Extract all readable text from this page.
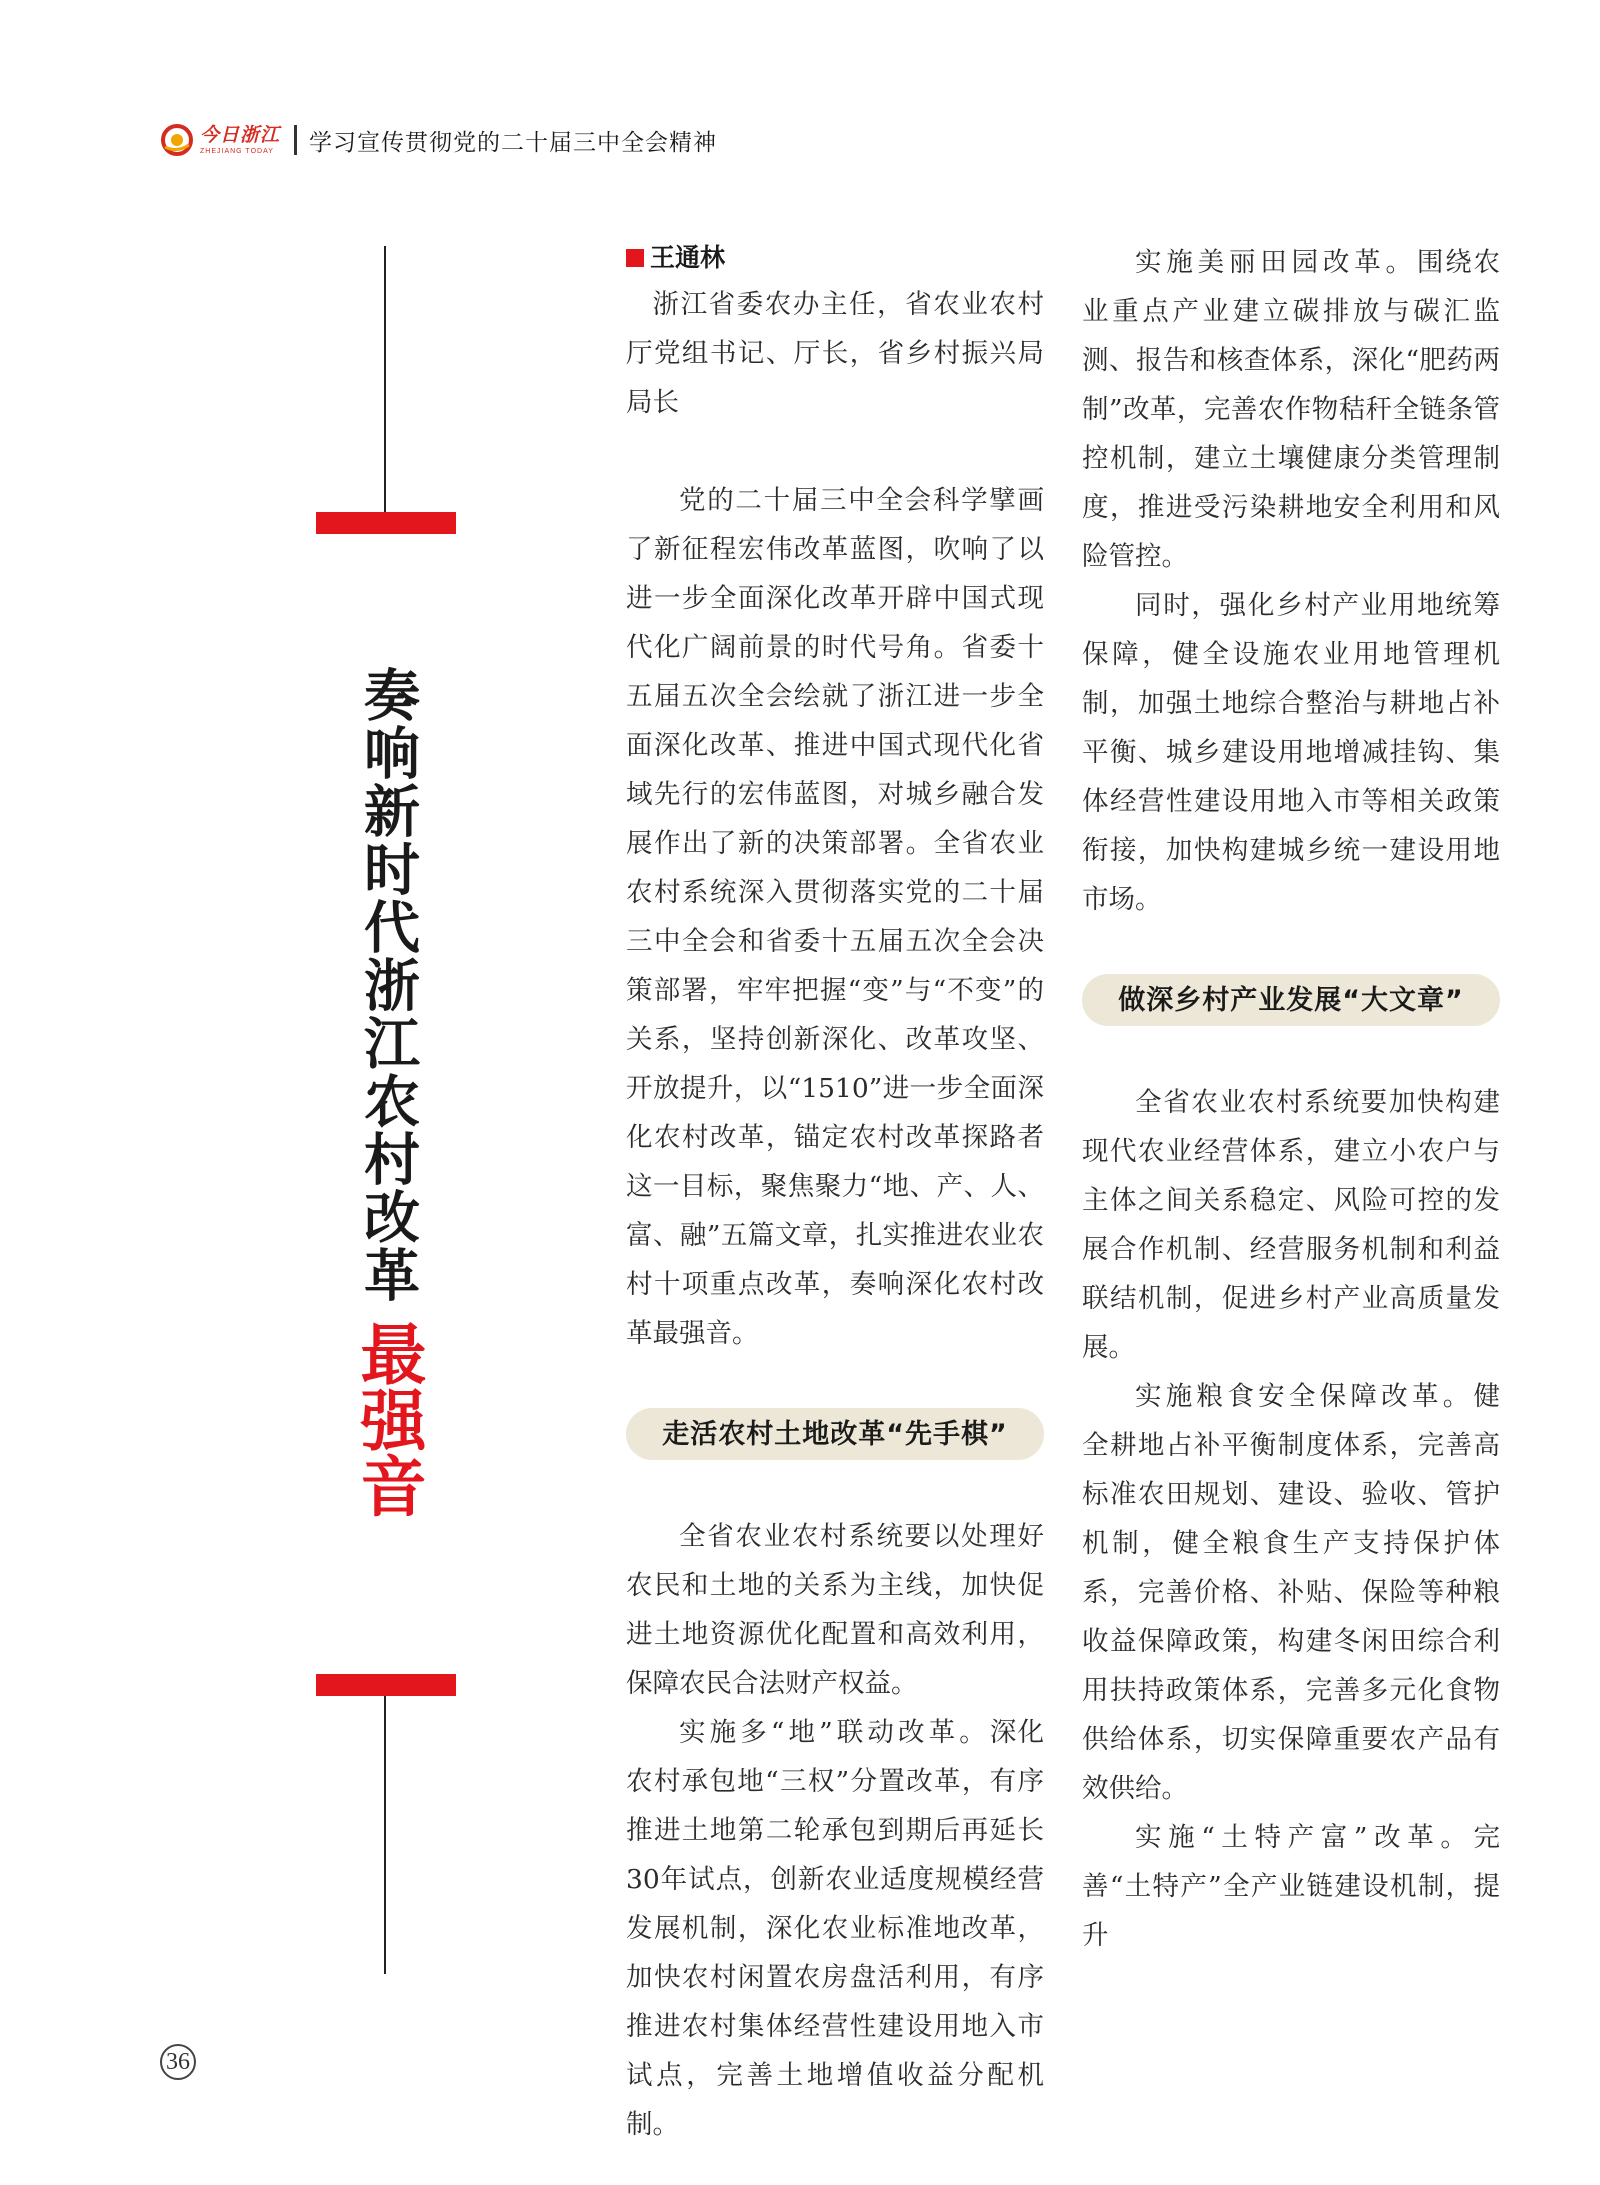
今日浙江
ZHEJIANG TODAY 学习宣传贯彻党的二十届三中全会精神
奏响新时代浙江农村改革
最强音
王通林

浙江省委农办主任，省农业农村厅党组书记、厅长，省乡村振兴局局长

党的二十届三中全会科学擘画了新征程宏伟改革蓝图，吹响了以进一步全面深化改革开辟中国式现代化广阔前景的时代号角。省委十五届五次全会绘就了浙江进一步全面深化改革、推进中国式现代化省域先行的宏伟蓝图，对城乡融合发展作出了新的决策部署。全省农业农村系统深入贯彻落实党的二十届三中全会和省委十五届五次全会决策部署，牢牢把握“变”与“不变”的关系，坚持创新深化、改革攻坚、开放提升，以“1510”进一步全面深化农村改革，锚定农村改革探路者这一目标，聚焦聚力“地、产、人、富、融”五篇文章，扎实推进农业农村十项重点改革，奏响深化农村改革最强音。

走活农村土地改革“先手棋”

全省农业农村系统要以处理好农民和土地的关系为主线，加快促进土地资源优化配置和高效利用，保障农民合法财产权益。

实施多“地”联动改革。深化农村承包地“三权”分置改革，有序推进土地第二轮承包到期后再延长30年试点，创新农业适度规模经营发展机制，深化农业标准地改革，加快农村闲置农房盘活利用，有序推进农村集体经营性建设用地入市试点，完善土地增值收益分配机制。

实施美丽田园改革。围绕农业重点产业建立碳排放与碳汇监测、报告和核查体系，深化“肥药两制”改革，完善农作物秸秆全链条管控机制，建立土壤健康分类管理制度，推进受污染耕地安全利用和风险管控。

同时，强化乡村产业用地统筹保障，健全设施农业用地管理机制，加强土地综合整治与耕地占补平衡、城乡建设用地增减挂钩、集体经营性建设用地入市等相关政策衔接，加快构建城乡统一建设用地市场。

做深乡村产业发展“大文章”

全省农业农村系统要加快构建现代农业经营体系，建立小农户与主体之间关系稳定、风险可控的发展合作机制、经营服务机制和利益联结机制，促进乡村产业高质量发展。

实施粮食安全保障改革。健全耕地占补平衡制度体系，完善高标准农田规划、建设、验收、管护机制，健全粮食生产支持保护体系，完善价格、补贴、保险等种粮收益保障政策，构建冬闲田综合利用扶持政策体系，完善多元化食物供给体系，切实保障重要农产品有效供给。

实施“土特产富”改革。完善“土特产”全产业链建设机制，提升

36
